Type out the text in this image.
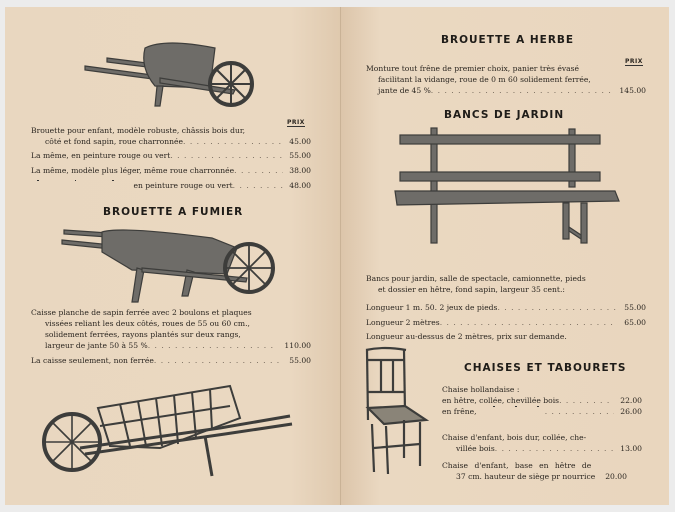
PRIX
Brouette pour enfant, modèle robuste, châssis bois dur,
côté et fond sapin, roue charronnée . . .	45.00
La même, en peinture rouge ou vert . . .	55.00
La même, modèle plus léger, même roue charronnée . . .	38.00
en peinture rouge ou vert . . .	48.00
BROUETTE A FUMIER
Caisse planche de sapin ferrée avec 2 boulons et plaques
vissées reliant les deux côtés, roues de 55 ou 60 cm.,
solidement ferrées, rayons plantés sur deux rangs,
largeur de jante 50 à 55 % . . .	110.00
La caisse seulement, non ferrée . . .	55.00
BROUETTE A HERBE
PRIX
Monture tout frêne de premier choix, panier très évasé
facilitant la vidange, roue de 0 m 60 solidement ferrée,
jante de 45 % . . .	145.00
BANCS DE JARDIN
Bancs pour jardin, salle de spectacle, camionnette, pieds
et dossier en hêtre, fond sapin, largeur 35 cent.:
Longueur 1 m. 50. 2 jeux de pieds . . .	55.00
Longueur 2 mètres . . .	65.00
Longueur au-dessus de 2 mètres, prix sur demande.
CHAISES ET TABOURETS
Chaise hollandaise :
en hêtre, collée, chevillée bois . . .	22.00
en frêne, . . .	26.00
Chaise d'enfant, bois dur, collée, che-
villée bois . . .	13.00
Chaise d'enfant, base en hêtre de
37 cm. hauteur de siège pr nourrice	20.00
